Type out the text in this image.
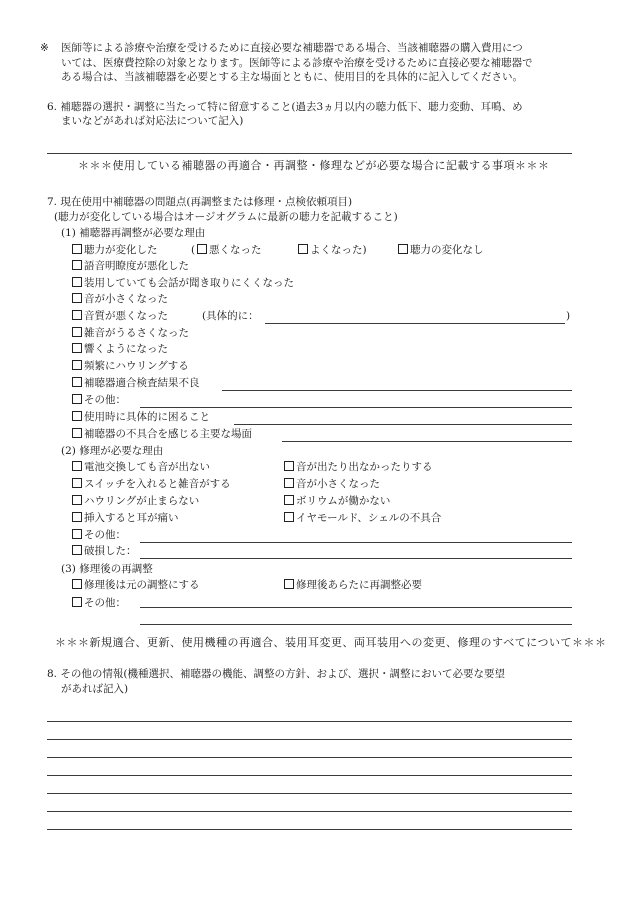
※ 医師等による診療や治療を受けるために直接必要な補聴器である場合、当該補聴器の購入費用につ
いては、医療費控除の対象となります。医師等による診療や治療を受けるために直接必要な補聴器で
ある場合は、当該補聴器を必要とする主な場面とともに、使用目的を具体的に記入してください。
6. 補聴器の選択・調整に当たって特に留意すること(過去3ヵ月以内の聴力低下、聴力変動、耳鳴、め
まいなどがあれば対応法について記入)
＊＊＊使用している補聴器の再適合・再調整・修理などが必要な場合に記載する事項＊＊＊
7. 現在使用中補聴器の問題点(再調整または修理・点検依頼項目)
(聴力が変化している場合はオージオグラムに最新の聴力を記載すること)
(1) 補聴器再調整が必要な理由
聴力が変化した	(	悪くなった	よくなった)	聴力の変化なし
語音明瞭度が悪化した
装用していても会話が聞き取りにくくなった
音が小さくなった
音質が悪くなった	(具体的に：	)
雑音がうるさくなった
響くようになった
頻繁にハウリングする
補聴器適合検査結果不良
その他：
使用時に具体的に困ること
補聴器の不具合を感じる主要な場面
(2) 修理が必要な理由
電池交換しても音が出ない	音が出たり出なかったりする
スイッチを入れると雑音がする	音が小さくなった
ハウリングが止まらない	ボリウムが働かない
挿入すると耳が痛い	イヤモールド、シェルの不具合
その他：
破損した：
(3) 修理後の再調整
修理後は元の調整にする	修理後あらたに再調整必要
その他：
＊＊＊新規適合、更新、使用機種の再適合、装用耳変更、両耳装用への変更、修理のすべてについて＊＊＊
8. その他の情報(機種選択、補聴器の機能、調整の方針、および、選択・調整において必要な要望
があれば記入)
